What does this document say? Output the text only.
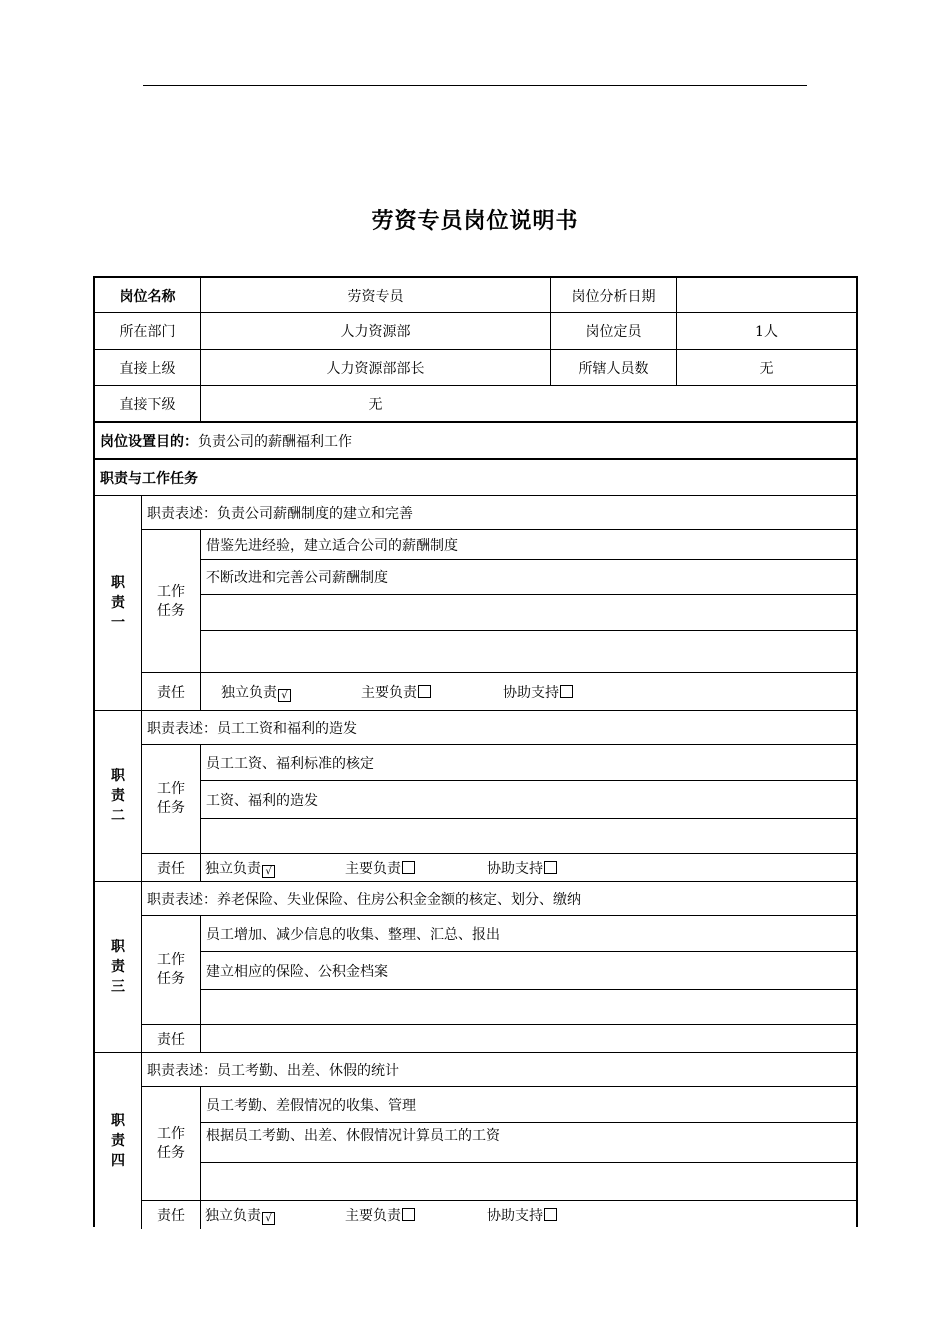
劳资专员岗位说明书
岗位名称	劳资专员	岗位分析日期
所在部门	人力资源部	岗位定员	1人
直接上级	人力资源部部长	所辖人员数	无
直接下级	无
岗位设置目的： 负责公司的薪酬福利工作
职责与工作任务
职
责
一
职责表述：负责公司薪酬制度的建立和完善
工作
任务
借鉴先进经验，建立适合公司的薪酬制度
不断改进和完善公司薪酬制度
责任	独立负责 √	主要负责	协助支持
职
责
二
职责表述：员工工资和福利的造发
工作
任务
员工工资、福利标准的核定
工资、福利的造发
责任	独立负责 √	主要负责	协助支持
职
责
三
职责表述：养老保险、失业保险、住房公积金金额的核定、划分、缴纳
工作
任务
员工增加、减少信息的收集、整理、汇总、报出
建立相应的保险、公积金档案
责任
职
责
四
职责表述：员工考勤、出差、休假的统计
工作
任务
员工考勤、差假情况的收集、管理
根据员工考勤、出差、休假情况计算员工的工资
责任	独立负责 √	主要负责	协助支持
